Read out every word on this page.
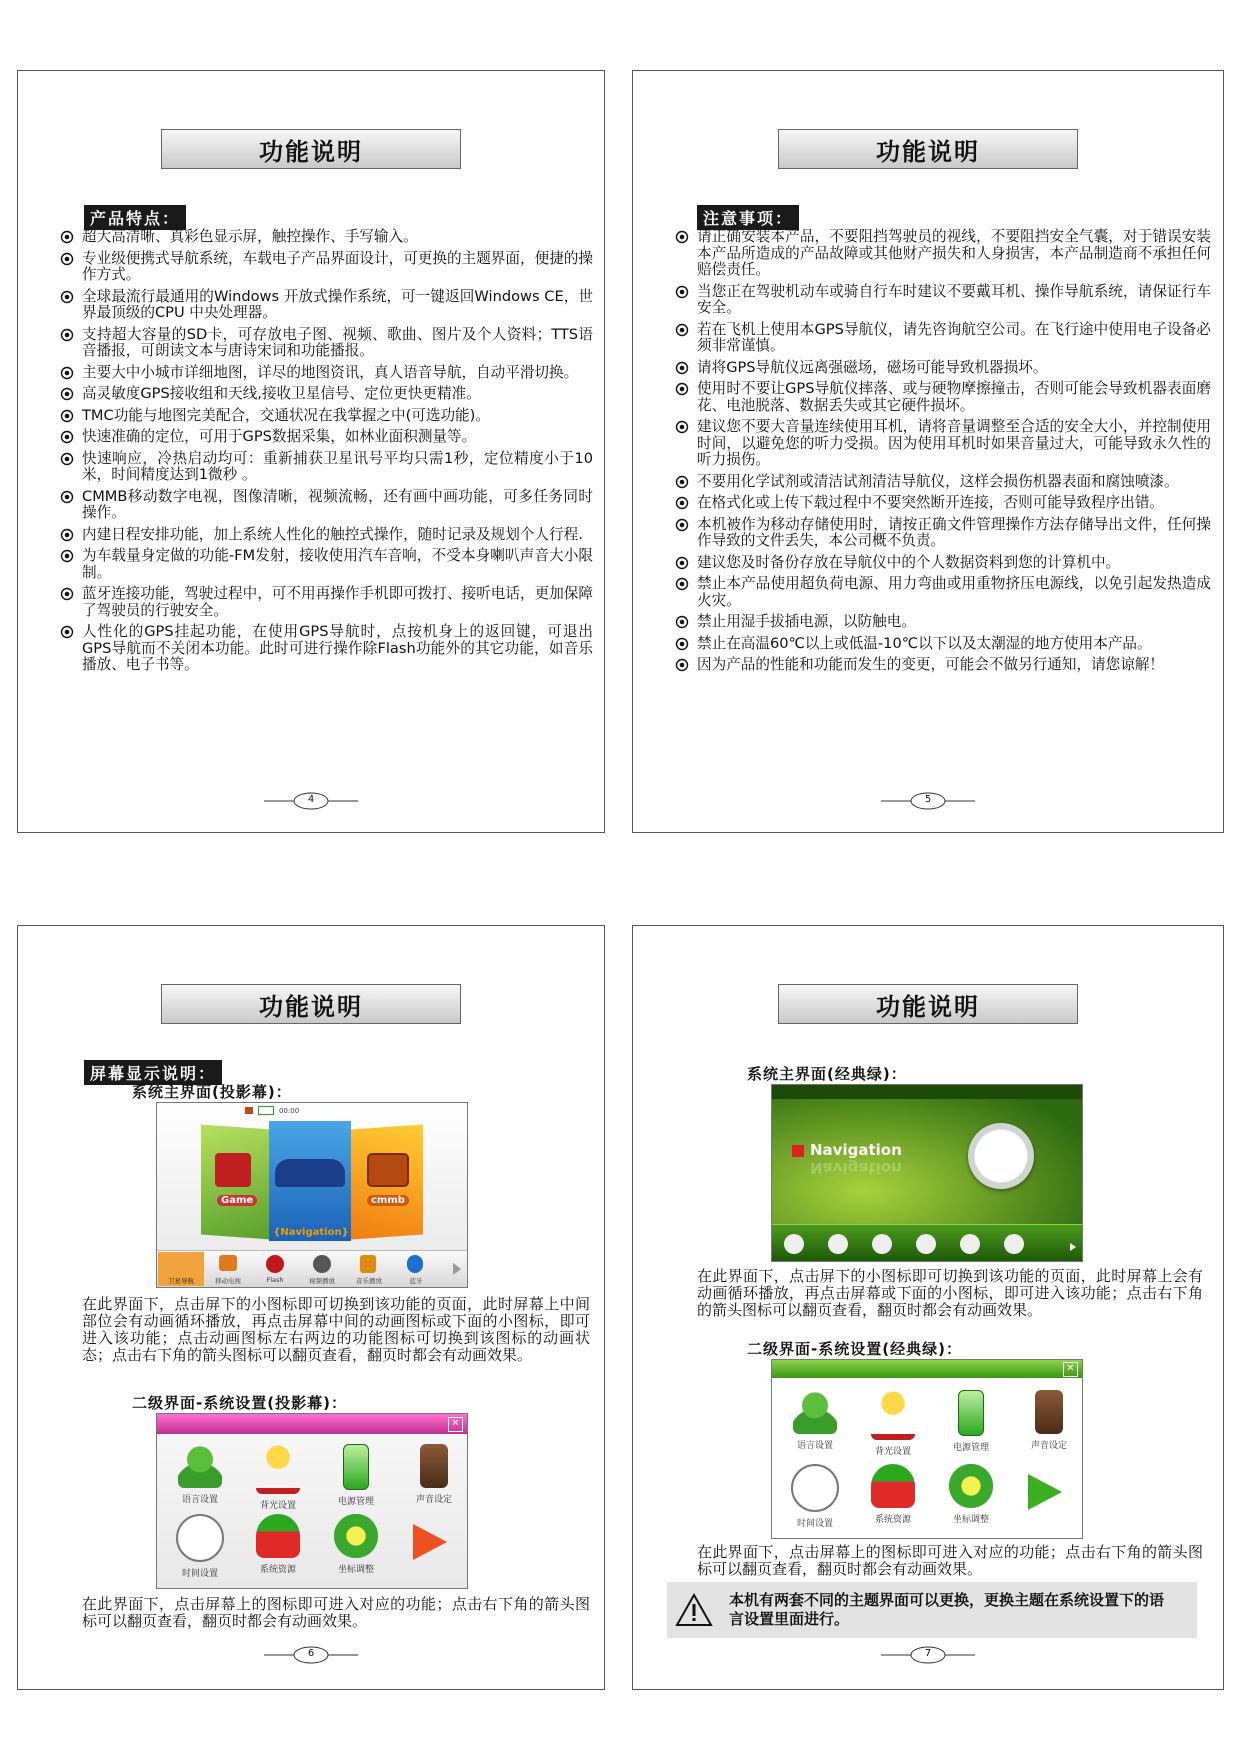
功能说明
产品特点：
超大高清晰、真彩色显示屏，触控操作、手写输入。
专业级便携式导航系统，车载电子产品界面设计，可更换的主题界面，便捷的操作方式。
全球最流行最通用的Windows 开放式操作系统，可一键返回Windows CE，世界最顶级的CPU 中央处理器。
支持超大容量的SD卡，可存放电子图、视频、歌曲、图片及个人资料；TTS语音播报，可朗读文本与唐诗宋词和功能播报。
主要大中小城市详细地图，详尽的地图资讯，真人语音导航，自动平滑切换。
高灵敏度GPS接收组和天线,接收卫星信号、定位更快更精准。
TMC功能与地图完美配合，交通状况在我掌握之中(可选功能)。
快速准确的定位，可用于GPS数据采集，如林业面积测量等。
快速响应，冷热启动均可：重新捕获卫星讯号平均只需1秒，定位精度小于10米，时间精度达到1微秒 。
CMMB移动数字电视，图像清晰，视频流畅，还有画中画功能，可多任务同时操作。
内建日程安排功能，加上系统人性化的触控式操作，随时记录及规划个人行程.
为车载量身定做的功能-FM发射，接收使用汽车音响，不受本身喇叭声音大小限制。
蓝牙连接功能，驾驶过程中，可不用再操作手机即可拨打、接听电话，更加保障了驾驶员的行驶安全。
人性化的GPS挂起功能，在使用GPS导航时，点按机身上的返回键，可退出GPS导航而不关闭本功能。此时可进行操作除Flash功能外的其它功能，如音乐播放、电子书等。
4
功能说明
注意事项：
请正确安装本产品，不要阻挡驾驶员的视线，不要阻挡安全气囊，对于错误安装本产品所造成的产品故障或其他财产损失和人身损害，本产品制造商不承担任何赔偿责任。
当您正在驾驶机动车或骑自行车时建议不要戴耳机、操作导航系统，请保证行车安全。
若在飞机上使用本GPS导航仪，请先咨询航空公司。在飞行途中使用电子设备必须非常谨慎。
请将GPS导航仪远离强磁场，磁场可能导致机器损坏。
使用时不要让GPS导航仪摔落、或与硬物摩擦撞击，否则可能会导致机器表面磨花、电池脱落、数据丢失或其它硬件损坏。
建议您不要大音量连续使用耳机，请将音量调整至合适的安全大小，并控制使用时间，以避免您的听力受损。因为使用耳机时如果音量过大，可能导致永久性的听力损伤。
不要用化学试剂或清洁试剂清洁导航仪，这样会损伤机器表面和腐蚀喷漆。
在格式化或上传下载过程中不要突然断开连接，否则可能导致程序出错。
本机被作为移动存储使用时，请按正确文件管理操作方法存储导出文件，任何操作导致的文件丢失，本公司概不负责。
建议您及时备份存放在导航仪中的个人数据资料到您的计算机中。
禁止本产品使用超负荷电源、用力弯曲或用重物挤压电源线，以免引起发热造成火灾。
禁止用湿手拔插电源，以防触电。
禁止在高温60℃以上或低温-10℃以下以及太潮湿的地方使用本产品。
因为产品的性能和功能而发生的变更，可能会不做另行通知，请您谅解！
5
功能说明
屏幕显示说明：
系统主界面(投影幕)：
00:00
Game
{Navigation}
cmmb
卫星导航	移动电视	Flash	视频播放	音乐播放	蓝牙
在此界面下，点击屏下的小图标即可切换到该功能的页面，此时屏幕上中间部位会有动画循环播放，再点击屏幕中间的动画图标或下面的小图标，即可进入该功能；点击动画图标左右两边的功能图标可切换到该图标的动画状态；点击右下角的箭头图标可以翻页查看，翻页时都会有动画效果。
二级界面-系统设置(投影幕)：
✕
语言设置
背光设置	电源管理	声音设定
时间设置	系统资源	坐标调整
在此界面下，点击屏幕上的图标即可进入对应的功能；点击右下角的箭头图标可以翻页查看，翻页时都会有动画效果。
6
功能说明
系统主界面(经典绿)：
Navigation
Navigation
在此界面下，点击屏下的小图标即可切换到该功能的页面，此时屏幕上会有动画循环播放，再点击屏幕或下面的小图标，即可进入该功能；点击右下角的箭头图标可以翻页查看，翻页时都会有动画效果。
二级界面-系统设置(经典绿)：
✕
语言设置
背光设置	电源管理	声音设定
时间设置	系统资源	坐标调整
在此界面下，点击屏幕上的图标即可进入对应的功能；点击右下角的箭头图标可以翻页查看，翻页时都会有动画效果。
本机有两套不同的主题界面可以更换，更换主题在系统设置下的语言设置里面进行。
7
